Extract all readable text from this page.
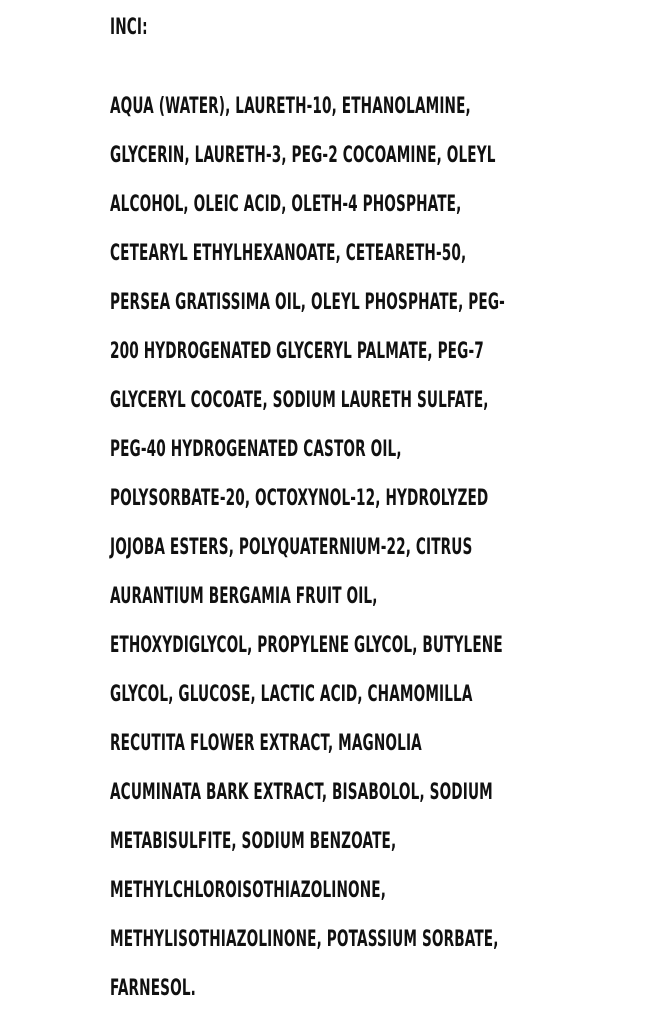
INCI:

AQUA (WATER), LAURETH-10, ETHANOLAMINE,
GLYCERIN, LAURETH-3, PEG-2 COCOAMINE, OLEYL
ALCOHOL, OLEIC ACID, OLETH-4 PHOSPHATE,
CETEARYL ETHYLHEXANOATE, CETEARETH-50,
PERSEA GRATISSIMA OIL, OLEYL PHOSPHATE, PEG-
200 HYDROGENATED GLYCERYL PALMATE, PEG-7
GLYCERYL COCOATE, SODIUM LAURETH SULFATE,
PEG-40 HYDROGENATED CASTOR OIL,
POLYSORBATE-20, OCTOXYNOL-12, HYDROLYZED
JOJOBA ESTERS, POLYQUATERNIUM-22, CITRUS
AURANTIUM BERGAMIA FRUIT OIL,
ETHOXYDIGLYCOL, PROPYLENE GLYCOL, BUTYLENE
GLYCOL, GLUCOSE, LACTIC ACID, CHAMOMILLA
RECUTITA FLOWER EXTRACT, MAGNOLIA
ACUMINATA BARK EXTRACT, BISABOLOL, SODIUM
METABISULFITE, SODIUM BENZOATE,
METHYLCHLOROISOTHIAZOLINONE,
METHYLISOTHIAZOLINONE, POTASSIUM SORBATE,
FARNESOL.
